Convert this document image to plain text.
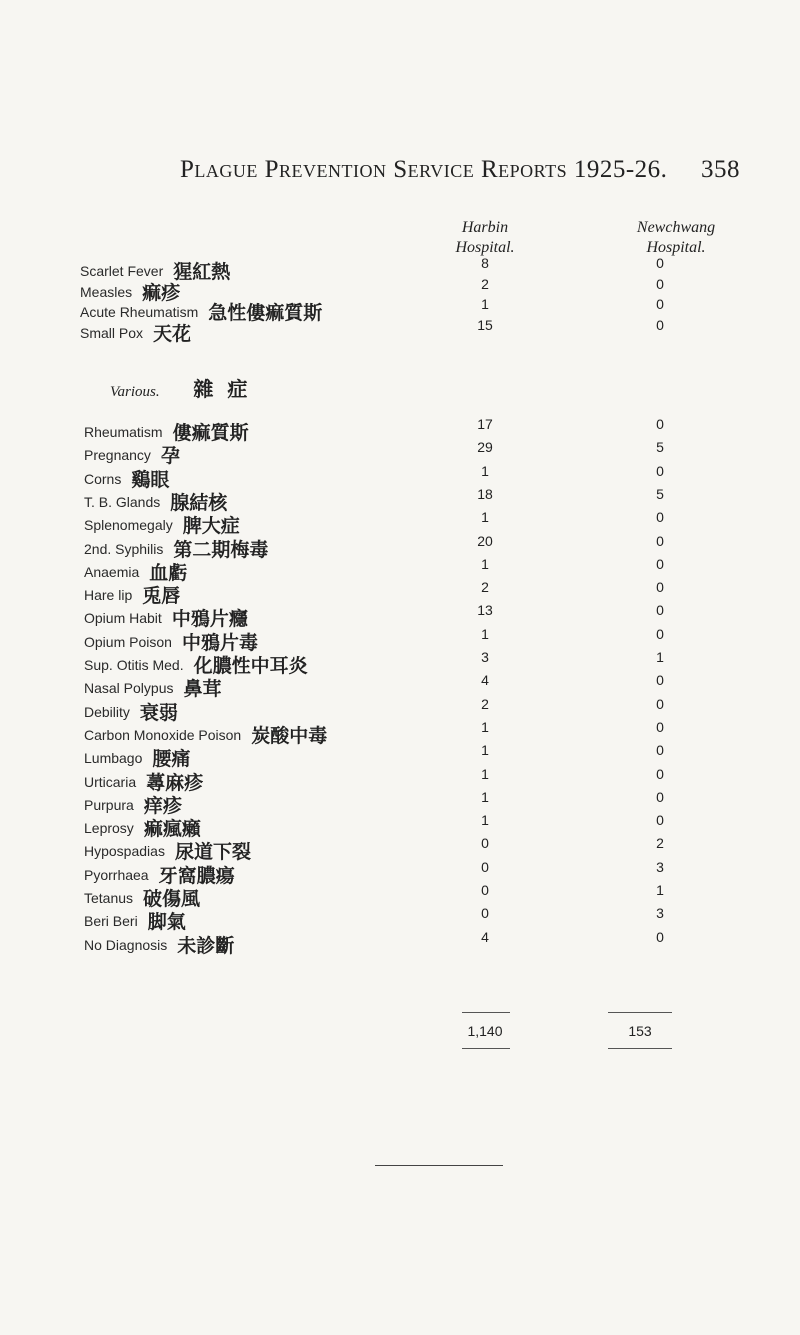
Plague Prevention Service Reports 1925-26. 358
Harbin
Hospital.
Newchwang
Hospital.
Scarlet Fever 猩紅熱	8	0
Measles 痲疹	2	0
Acute Rheumatism 急性僂痲質斯	1	0
Small Pox 天花	15	0
Various. 雜症
Rheumatism 僂痲質斯	17	0
Pregnancy 孕	29	5
Corns 鷄眼	1	0
T. B. Glands 腺結核	18	5
Splenomegaly 脾大症	1	0
2nd. Syphilis 第二期梅毒	20	0
Anaemia 血虧	1	0
Hare lip 兎唇	2	0
Opium Habit 中鴉片癮	13	0
Opium Poison 中鴉片毒	1	0
Sup. Otitis Med. 化膿性中耳炎	3	1
Nasal Polypus 鼻茸	4	0
Debility 衰弱	2	0
Carbon Monoxide Poison 炭酸中毒	1	0
Lumbago 腰痛	1	0
Urticaria 蕁麻疹	1	0
Purpura 痒疹	1	0
Leprosy 痲瘋癩	1	0
Hypospadias 尿道下裂	0	2
Pyorrhaea 牙窩膿瘍	0	3
Tetanus 破傷風	0	1
Beri Beri 脚氣	0	3
No Diagnosis 未診斷	4	0
1,140	153
